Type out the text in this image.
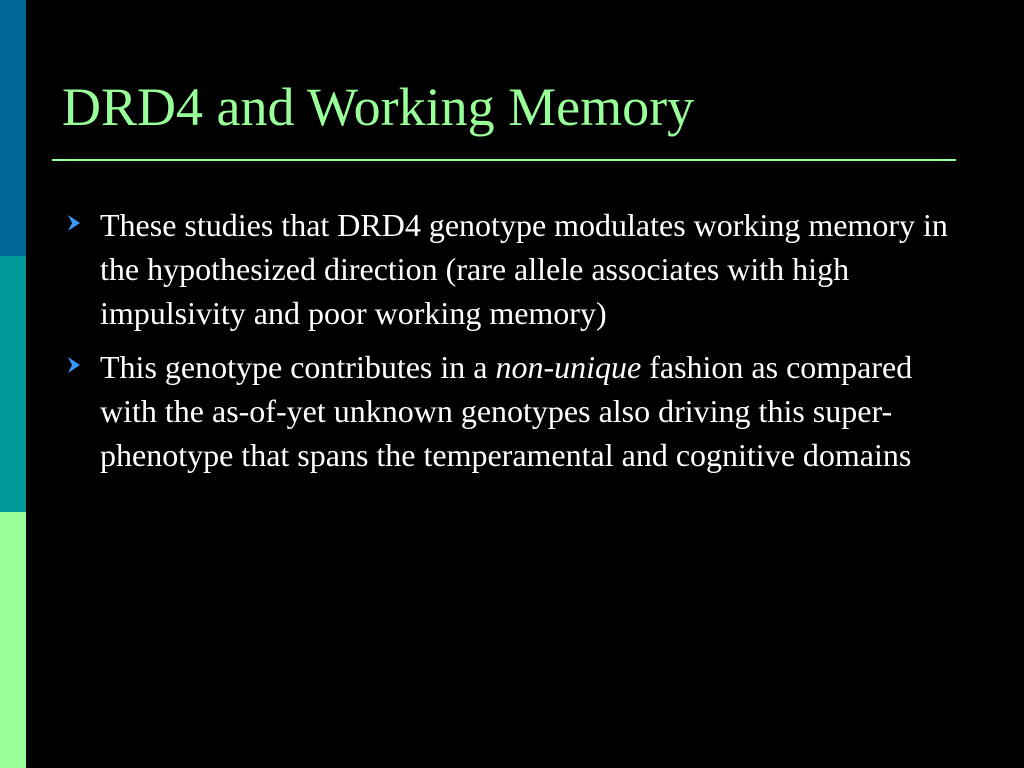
DRD4 and Working Memory
These studies that DRD4 genotype modulates working memory in the hypothesized direction (rare allele associates with high impulsivity and poor working memory)
This genotype contributes in a non-unique fashion as compared with the as-of-yet unknown genotypes also driving this super-phenotype that spans the temperamental and cognitive domains
